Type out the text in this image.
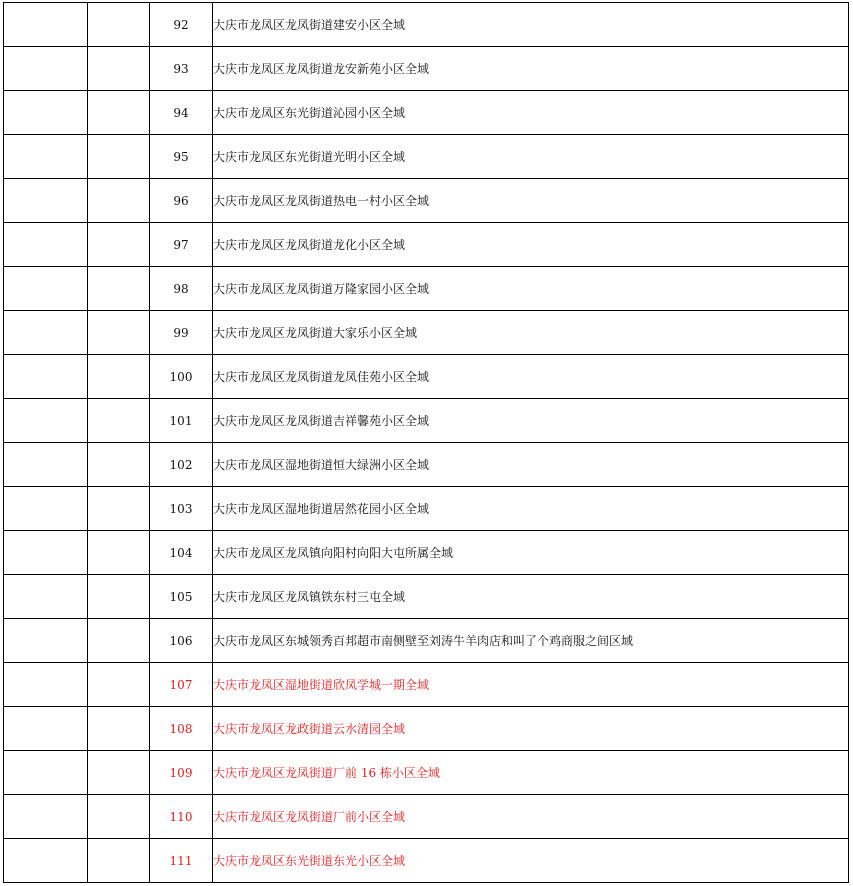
		92	大庆市龙凤区龙凤街道建安小区全域
		93	大庆市龙凤区龙凤街道龙安新苑小区全域
		94	大庆市龙凤区东光街道沁园小区全域
		95	大庆市龙凤区东光街道光明小区全域
		96	大庆市龙凤区龙凤街道热电一村小区全域
		97	大庆市龙凤区龙凤街道龙化小区全域
		98	大庆市龙凤区龙凤街道万隆家园小区全域
		99	大庆市龙凤区龙凤街道大家乐小区全域
		100	大庆市龙凤区龙凤街道龙凤佳苑小区全域
		101	大庆市龙凤区龙凤街道吉祥馨苑小区全域
		102	大庆市龙凤区湿地街道恒大绿洲小区全域
		103	大庆市龙凤区湿地街道居然花园小区全域
		104	大庆市龙凤区龙凤镇向阳村向阳大屯所属全域
		105	大庆市龙凤区龙凤镇铁东村三屯全域
		106	大庆市龙凤区东城领秀百邦超市南侧壁至刘涛牛羊肉店和叫了个鸡商服之间区域
		107	大庆市龙凤区湿地街道欣凤学城一期全域
		108	大庆市龙凤区龙政街道云水清园全域
		109	大庆市龙凤区龙凤街道厂前 16 栋小区全域
		110	大庆市龙凤区龙凤街道厂前小区全域
		111	大庆市龙凤区东光街道东光小区全域
